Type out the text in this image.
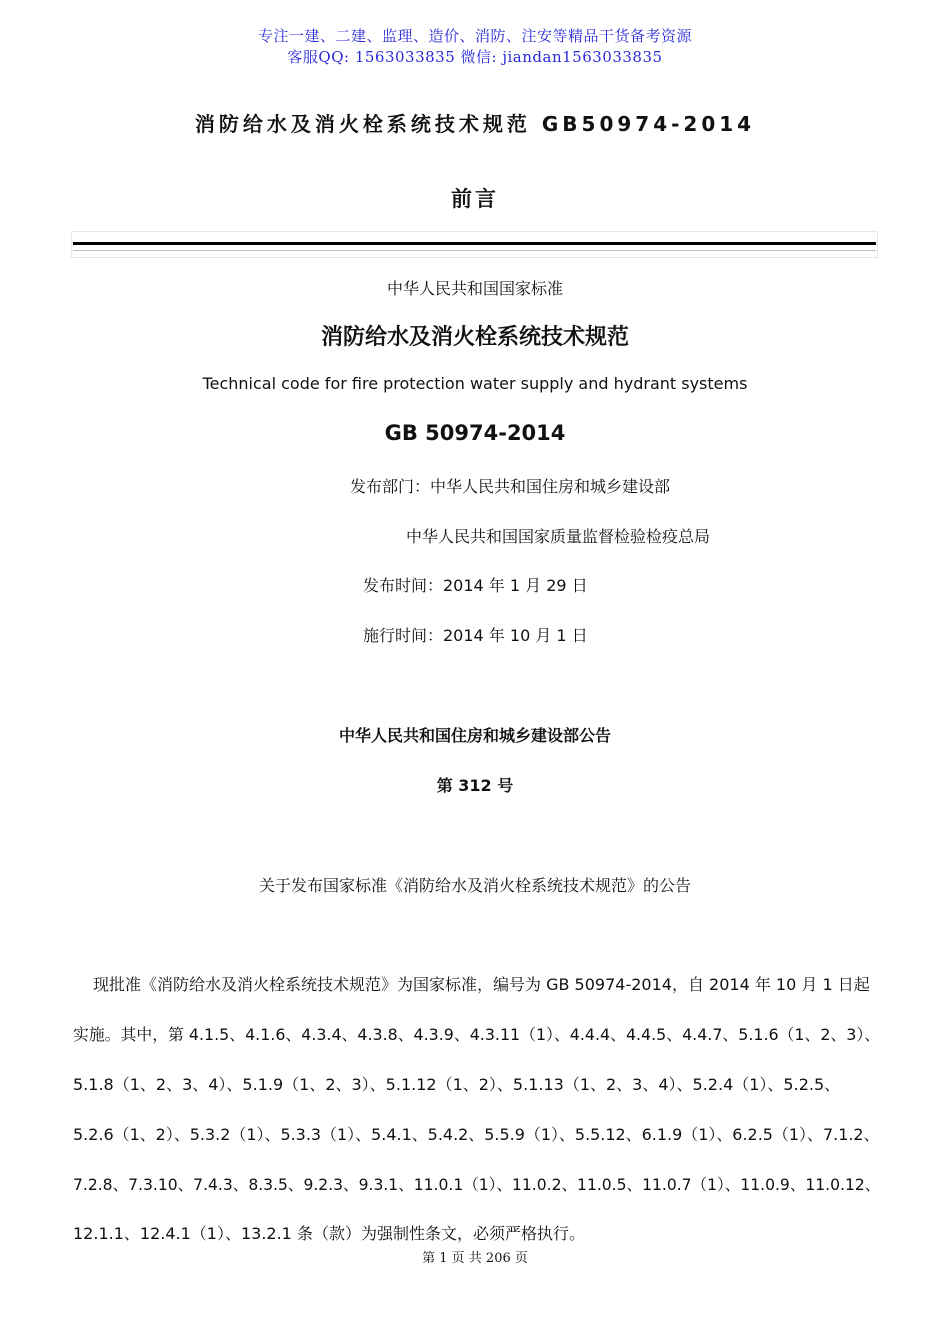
专注一建、二建、监理、造价、消防、注安等精品干货备考资源
客服QQ: 1563033835 微信: jiandan1563033835
消防给水及消火栓系统技术规范 GB50974-2014
前言
中华人民共和国国家标准
消防给水及消火栓系统技术规范
Technical code for fire protection water supply and hydrant systems
GB 50974-2014
发布部门：中华人民共和国住房和城乡建设部
中华人民共和国国家质量监督检验检疫总局
发布时间：2014 年 1 月 29 日
施行时间：2014 年 10 月 1 日
中华人民共和国住房和城乡建设部公告
第 312 号
关于发布国家标准《消防给水及消火栓系统技术规范》的公告
现批准《消防给水及消火栓系统技术规范》为国家标准，编号为 GB 50974-2014，自 2014 年 10 月 1 日起
实施。其中，第 4.1.5、4.1.6、4.3.4、4.3.8、4.3.9、4.3.11（1）、4.4.4、4.4.5、4.4.7、5.1.6（1、2、3）、
5.1.8（1、2、3、4）、5.1.9（1、2、3）、5.1.12（1、2）、5.1.13（1、2、3、4）、5.2.4（1）、5.2.5、
5.2.6（1、2）、5.3.2（1）、5.3.3（1）、5.4.1、5.4.2、5.5.9（1）、5.5.12、6.1.9（1）、6.2.5（1）、7.1.2、
7.2.8、7.3.10、7.4.3、8.3.5、9.2.3、9.3.1、11.0.1（1）、11.0.2、11.0.5、11.0.7（1）、11.0.9、11.0.12、
12.1.1、12.4.1（1）、13.2.1 条（款）为强制性条文，必须严格执行。
第 1 页 共 206 页
